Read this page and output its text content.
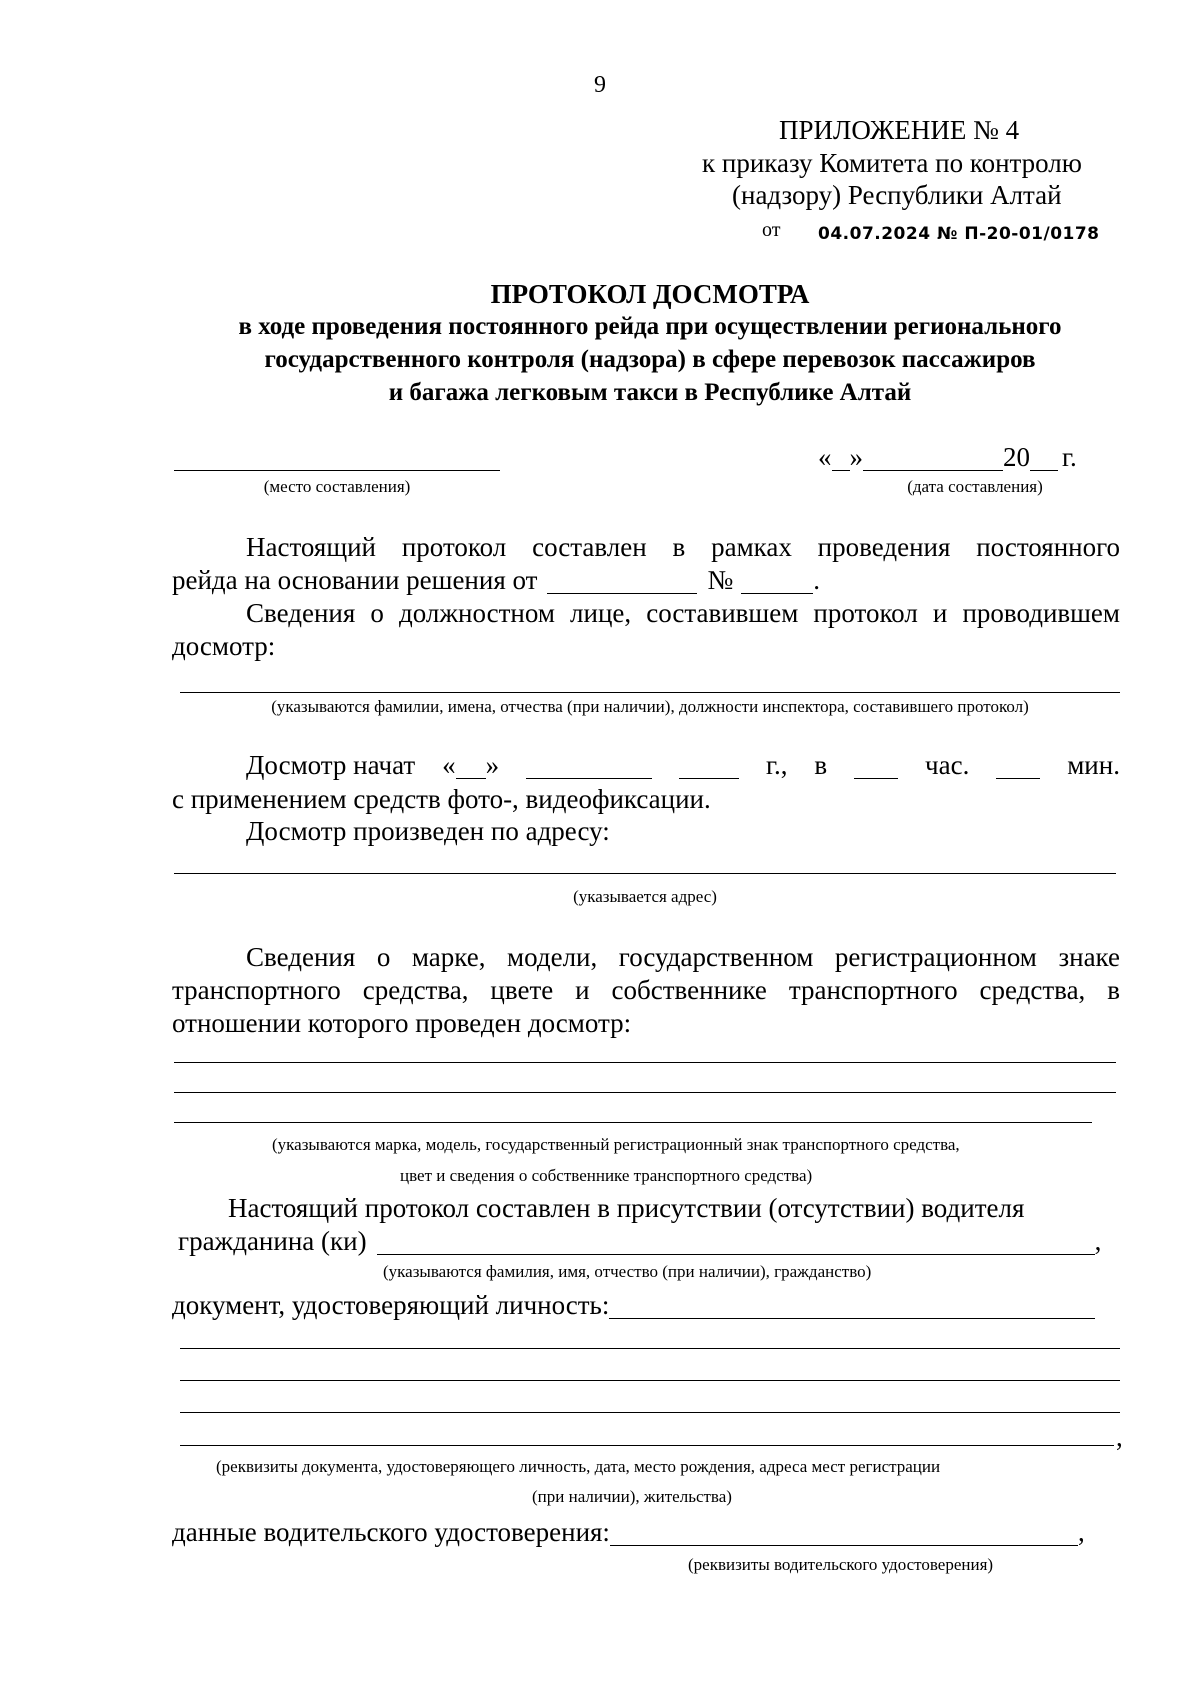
9
ПРИЛОЖЕНИЕ № 4
к приказу Комитета по контролю
(надзору) Республики Алтай
от 04.07.2024 № П-20-01/0178
ПРОТОКОЛ ДОСМОТРА
в ходе проведения постоянного рейда при осуществлении регионального
государственного контроля (надзора) в сфере перевозок пассажиров
и багажа легковым такси в Республике Алтай
(место составления)
« »	20 г.
(дата составления)
Настоящий протокол составлен в рамках проведения постоянного
рейда на основании решения от	№	.
Сведения о должностном лице, составившем протокол и проводившем
досмотр:
(указываются фамилии, имена, отчества (при наличии), должности инспектора, составившего протокол)
Досмотр начат « »	г., в	час.	мин.
с применением средств фото-, видеофиксации.
Досмотр произведен по адресу:
(указывается адрес)
Сведения о марке, модели, государственном регистрационном знаке
транспортного средства, цвете и собственнике транспортного средства, в
отношении которого проведен досмотр:
(указываются марка, модель, государственный регистрационный знак транспортного средства,
цвет и сведения о собственнике транспортного средства)
Настоящий протокол составлен в присутствии (отсутствии) водителя
гражданина (ки)	,
(указываются фамилия, имя, отчество (при наличии), гражданство)
документ, удостоверяющий личность:
,
(реквизиты документа, удостоверяющего личность, дата, место рождения, адреса мест регистрации
(при наличии), жительства)
данные водительского удостоверения:	,
(реквизиты водительского удостоверения)
